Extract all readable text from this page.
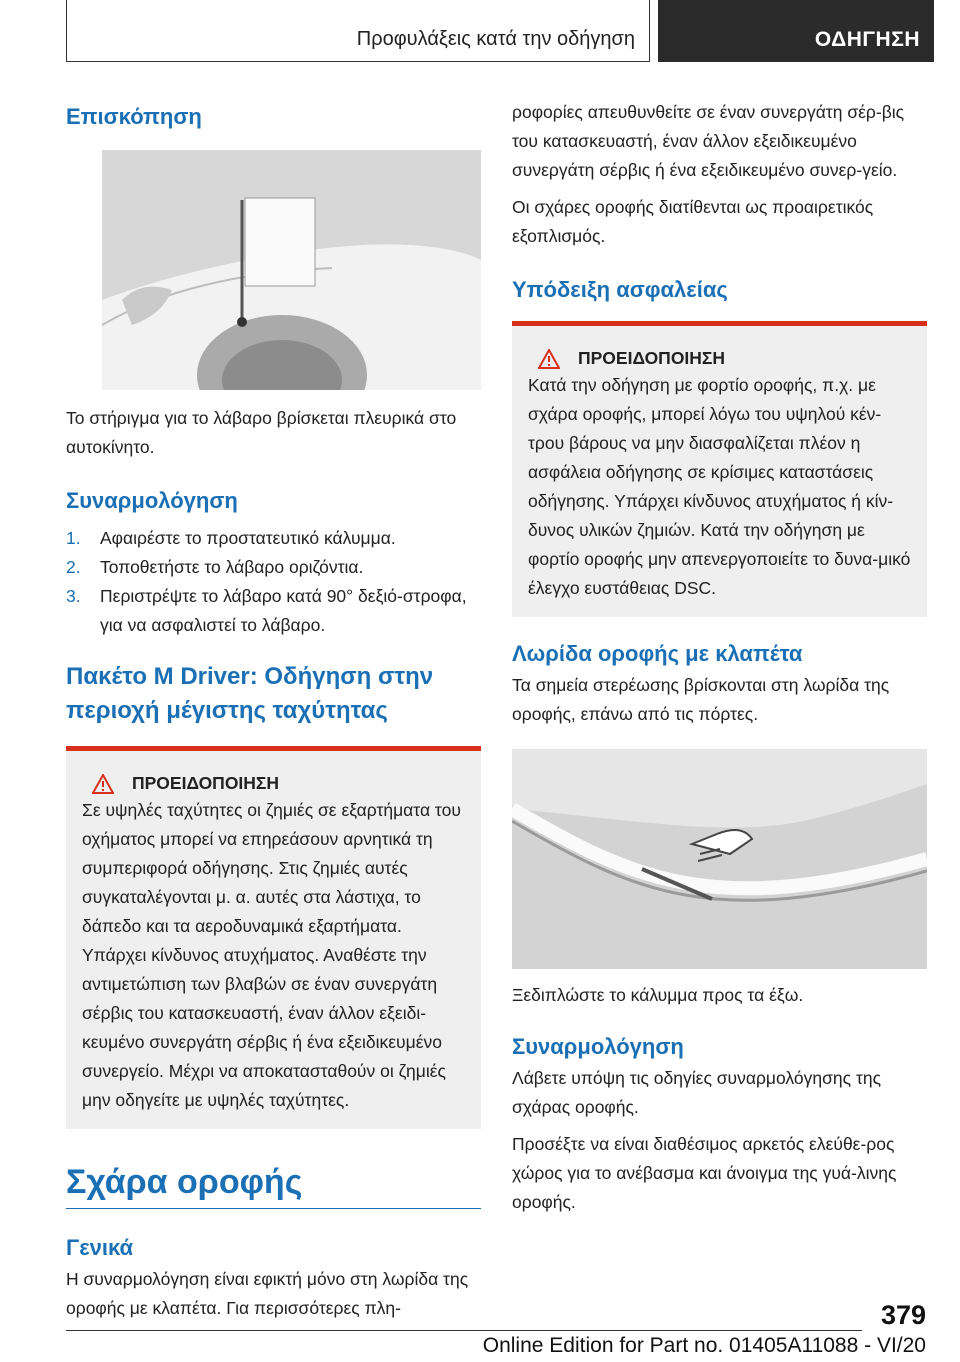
Προφυλάξεις κατά την οδήγηση	ΟΔΗΓΗΣΗ

Επισκόπηση

Το στήριγμα για το λάβαρο βρίσκεται πλευρικά στο αυτοκίνητο.

Συναρμολόγηση

1. Αφαιρέστε το προστατευτικό κάλυμμα.
2. Τοποθετήστε το λάβαρο οριζόντια.
3. Περιστρέψτε το λάβαρο κατά 90° δεξιό-στροφα, για να ασφαλιστεί το λάβαρο.

Πακέτο M Driver: Οδήγηση στην περιοχή μέγιστης ταχύτητας

ΠΡΟΕΙΔΟΠΟΙΗΣΗ

Σε υψηλές ταχύτητες οι ζημιές σε εξαρτήματα του οχήματος μπορεί να επηρεάσουν αρνητικά τη συμπεριφορά οδήγησης. Στις ζημιές αυτές συγκαταλέγονται μ. α. αυτές στα λάστιχα, το δάπεδο και τα αεροδυναμικά εξαρτήματα. Υπάρχει κίνδυνος ατυχήματος. Αναθέστε την αντιμετώπιση των βλαβών σε έναν συνεργάτη σέρβις του κατασκευαστή, έναν άλλον εξειδι-κευμένο συνεργάτη σέρβις ή ένα εξειδικευμένο συνεργείο. Μέχρι να αποκατασταθούν οι ζημιές μην οδηγείτε με υψηλές ταχύτητες.

Σχάρα οροφής

Γενικά

Η συναρμολόγηση είναι εφικτή μόνο στη λωρίδα της οροφής με κλαπέτα. Για περισσότερες πλη-

ροφορίες απευθυνθείτε σε έναν συνεργάτη σέρ-βις του κατασκευαστή, έναν άλλον εξειδικευμένο συνεργάτη σέρβις ή ένα εξειδικευμένο συνερ-γείο.

Οι σχάρες οροφής διατίθενται ως προαιρετικός εξοπλισμός.

Υπόδειξη ασφαλείας

ΠΡΟΕΙΔΟΠΟΙΗΣΗ

Κατά την οδήγηση με φορτίο οροφής, π.χ. με σχάρα οροφής, μπορεί λόγω του υψηλού κέν-τρου βάρους να μην διασφαλίζεται πλέον η ασφάλεια οδήγησης σε κρίσιμες καταστάσεις οδήγησης. Υπάρχει κίνδυνος ατυχήματος ή κίν-δυνος υλικών ζημιών. Κατά την οδήγηση με φορτίο οροφής μην απενεργοποιείτε το δυνα-μικό έλεγχο ευστάθειας DSC.

Λωρίδα οροφής με κλαπέτα

Τα σημεία στερέωσης βρίσκονται στη λωρίδα της οροφής, επάνω από τις πόρτες.

Ξεδιπλώστε το κάλυμμα προς τα έξω.

Συναρμολόγηση

Λάβετε υπόψη τις οδηγίες συναρμολόγησης της σχάρας οροφής.

Προσέξτε να είναι διαθέσιμος αρκετός ελεύθε-ρος χώρος για το ανέβασμα και άνοιγμα της γυά-λινης οροφής.

379
Online Edition for Part no. 01405A11088 - VI/20
